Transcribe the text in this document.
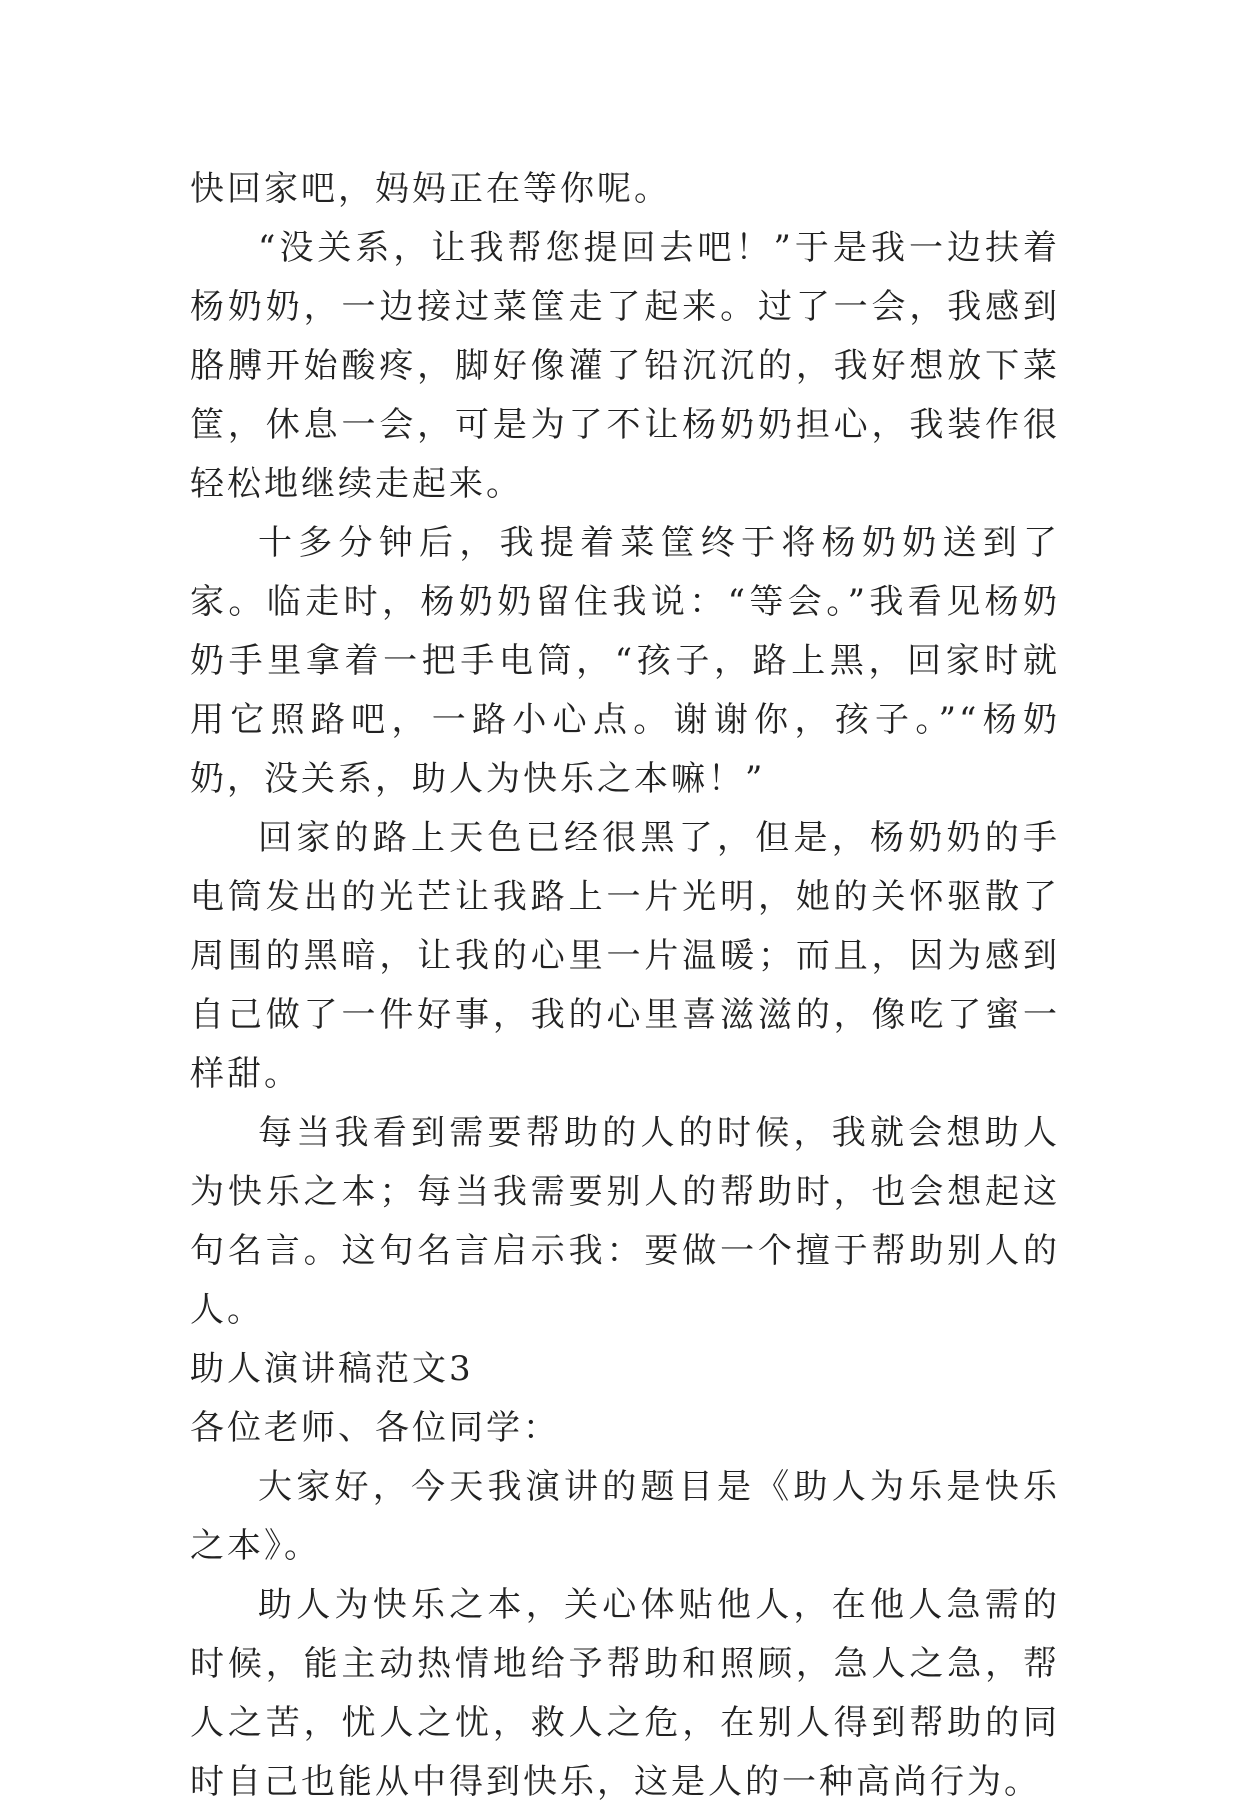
快回家吧，妈妈正在等你呢。

“没关系，让我帮您提回去吧！”于是我一边扶着杨奶奶，一边接过菜筐走了起来。过了一会，我感到胳膊开始酸疼，脚好像灌了铅沉沉的，我好想放下菜筐，休息一会，可是为了不让杨奶奶担心，我装作很轻松地继续走起来。

十多分钟后，我提着菜筐终于将杨奶奶送到了家。临走时，杨奶奶留住我说：“等会。”我看见杨奶奶手里拿着一把手电筒，“孩子，路上黑，回家时就用它照路吧，一路小心点。谢谢你，孩子。”“杨奶奶，没关系，助人为快乐之本嘛！”

回家的路上天色已经很黑了，但是，杨奶奶的手电筒发出的光芒让我路上一片光明，她的关怀驱散了周围的黑暗，让我的心里一片温暖；而且，因为感到自己做了一件好事，我的心里喜滋滋的，像吃了蜜一样甜。

每当我看到需要帮助的人的时候，我就会想助人为快乐之本；每当我需要别人的帮助时，也会想起这句名言。这句名言启示我：要做一个擅于帮助别人的人。

助人演讲稿范文3

各位老师、各位同学：

大家好，今天我演讲的题目是《助人为乐是快乐之本》。

助人为快乐之本，关心体贴他人，在他人急需的时候，能主动热情地给予帮助和照顾，急人之急，帮人之苦，忧人之忧，救人之危，在别人得到帮助的同时自己也能从中得到快乐，这是人的一种高尚行为。
